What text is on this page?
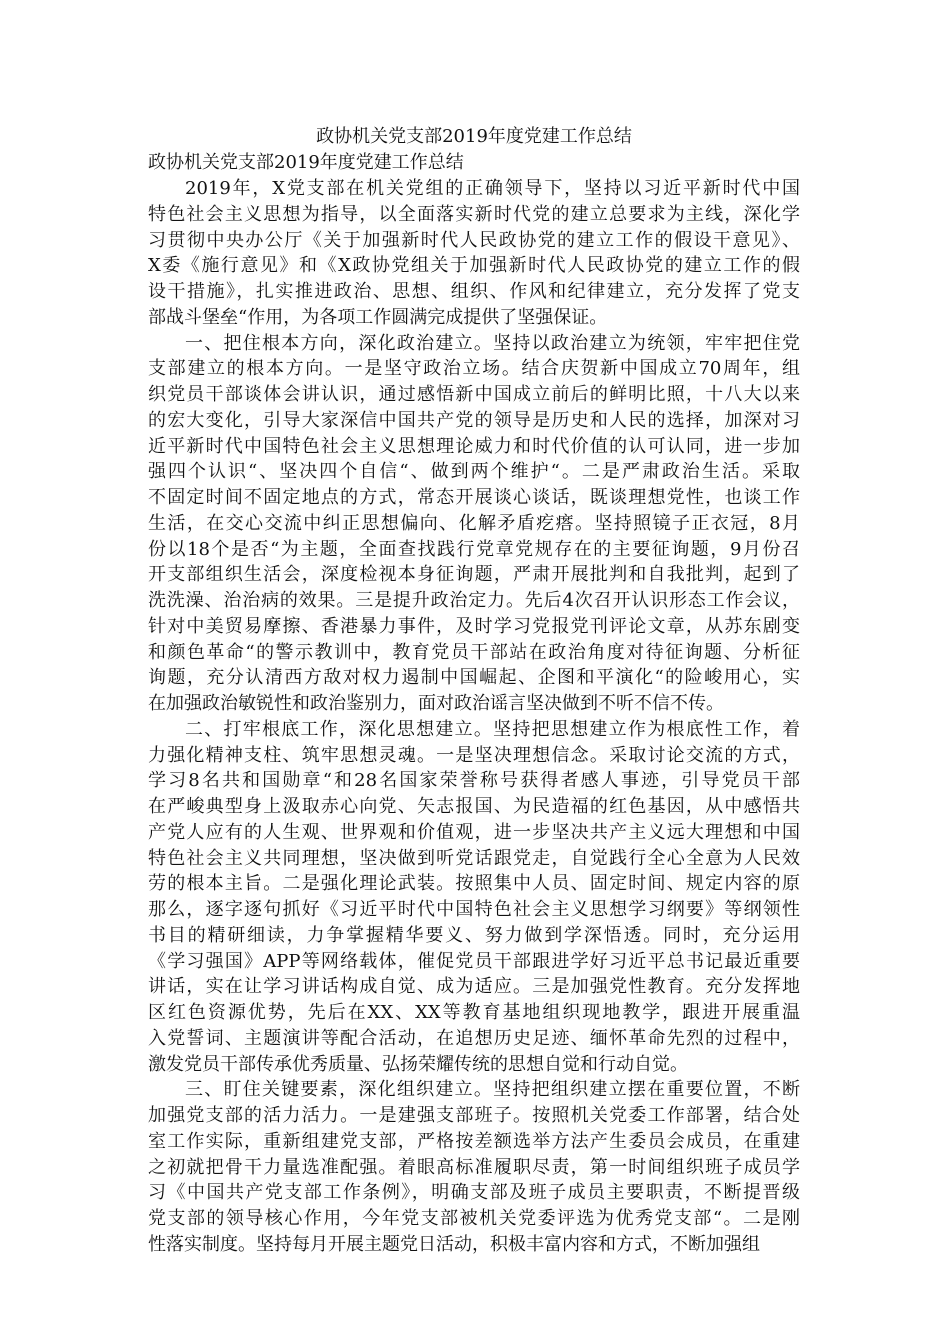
政协机关党支部2019年度党建工作总结
政协机关党支部2019年度党建工作总结
2019年，X党支部在机关党组的正确领导下，坚持以习近平新时代中国
特色社会主义思想为指导，以全面落实新时代党的建立总要求为主线，深化学
习贯彻中央办公厅《关于加强新时代人民政协党的建立工作的假设干意见》、
X委《施行意见》和《X政协党组关于加强新时代人民政协党的建立工作的假
设干措施》，扎实推进政治、思想、组织、作风和纪律建立，充分发挥了党支
部战斗堡垒“作用，为各项工作圆满完成提供了坚强保证。
一、把住根本方向，深化政治建立。坚持以政治建立为统领，牢牢把住党
支部建立的根本方向。一是坚守政治立场。结合庆贺新中国成立70周年，组
织党员干部谈体会讲认识，通过感悟新中国成立前后的鲜明比照，十八大以来
的宏大变化，引导大家深信中国共产党的领导是历史和人民的选择，加深对习
近平新时代中国特色社会主义思想理论威力和时代价值的认可认同，进一步加
强四个认识“、坚决四个自信“、做到两个维护“。二是严肃政治生活。采取
不固定时间不固定地点的方式，常态开展谈心谈话，既谈理想党性，也谈工作
生活，在交心交流中纠正思想偏向、化解矛盾疙瘩。坚持照镜子正衣冠，8月
份以18个是否“为主题，全面查找践行党章党规存在的主要征询题，9月份召
开支部组织生活会，深度检视本身征询题，严肃开展批判和自我批判，起到了
洗洗澡、治治病的效果。三是提升政治定力。先后4次召开认识形态工作会议，
针对中美贸易摩擦、香港暴力事件，及时学习党报党刊评论文章，从苏东剧变
和颜色革命“的警示教训中，教育党员干部站在政治角度对待征询题、分析征
询题，充分认清西方敌对权力遏制中国崛起、企图和平演化“的险峻用心，实
在加强政治敏锐性和政治鉴别力，面对政治谣言坚决做到不听不信不传。
二、打牢根底工作，深化思想建立。坚持把思想建立作为根底性工作，着
力强化精神支柱、筑牢思想灵魂。一是坚决理想信念。采取讨论交流的方式，
学习8名共和国勋章“和28名国家荣誉称号获得者感人事迹，引导党员干部
在严峻典型身上汲取赤心向党、矢志报国、为民造福的红色基因，从中感悟共
产党人应有的人生观、世界观和价值观，进一步坚决共产主义远大理想和中国
特色社会主义共同理想，坚决做到听党话跟党走，自觉践行全心全意为人民效
劳的根本主旨。二是强化理论武装。按照集中人员、固定时间、规定内容的原
那么，逐字逐句抓好《习近平时代中国特色社会主义思想学习纲要》等纲领性
书目的精研细读，力争掌握精华要义、努力做到学深悟透。同时，充分运用
《学习强国》APP等网络载体，催促党员干部跟进学好习近平总书记最近重要
讲话，实在让学习讲话构成自觉、成为适应。三是加强党性教育。充分发挥地
区红色资源优势，先后在XX、XX等教育基地组织现地教学，跟进开展重温
入党誓词、主题演讲等配合活动，在追想历史足迹、缅怀革命先烈的过程中，
激发党员干部传承优秀质量、弘扬荣耀传统的思想自觉和行动自觉。
三、盯住关键要素，深化组织建立。坚持把组织建立摆在重要位置，不断
加强党支部的活力活力。一是建强支部班子。按照机关党委工作部署，结合处
室工作实际，重新组建党支部，严格按差额选举方法产生委员会成员，在重建
之初就把骨干力量选准配强。着眼高标准履职尽责，第一时间组织班子成员学
习《中国共产党支部工作条例》，明确支部及班子成员主要职责，不断提晋级
党支部的领导核心作用，今年党支部被机关党委评选为优秀党支部“。二是刚
性落实制度。坚持每月开展主题党日活动，积极丰富内容和方式，不断加强组
